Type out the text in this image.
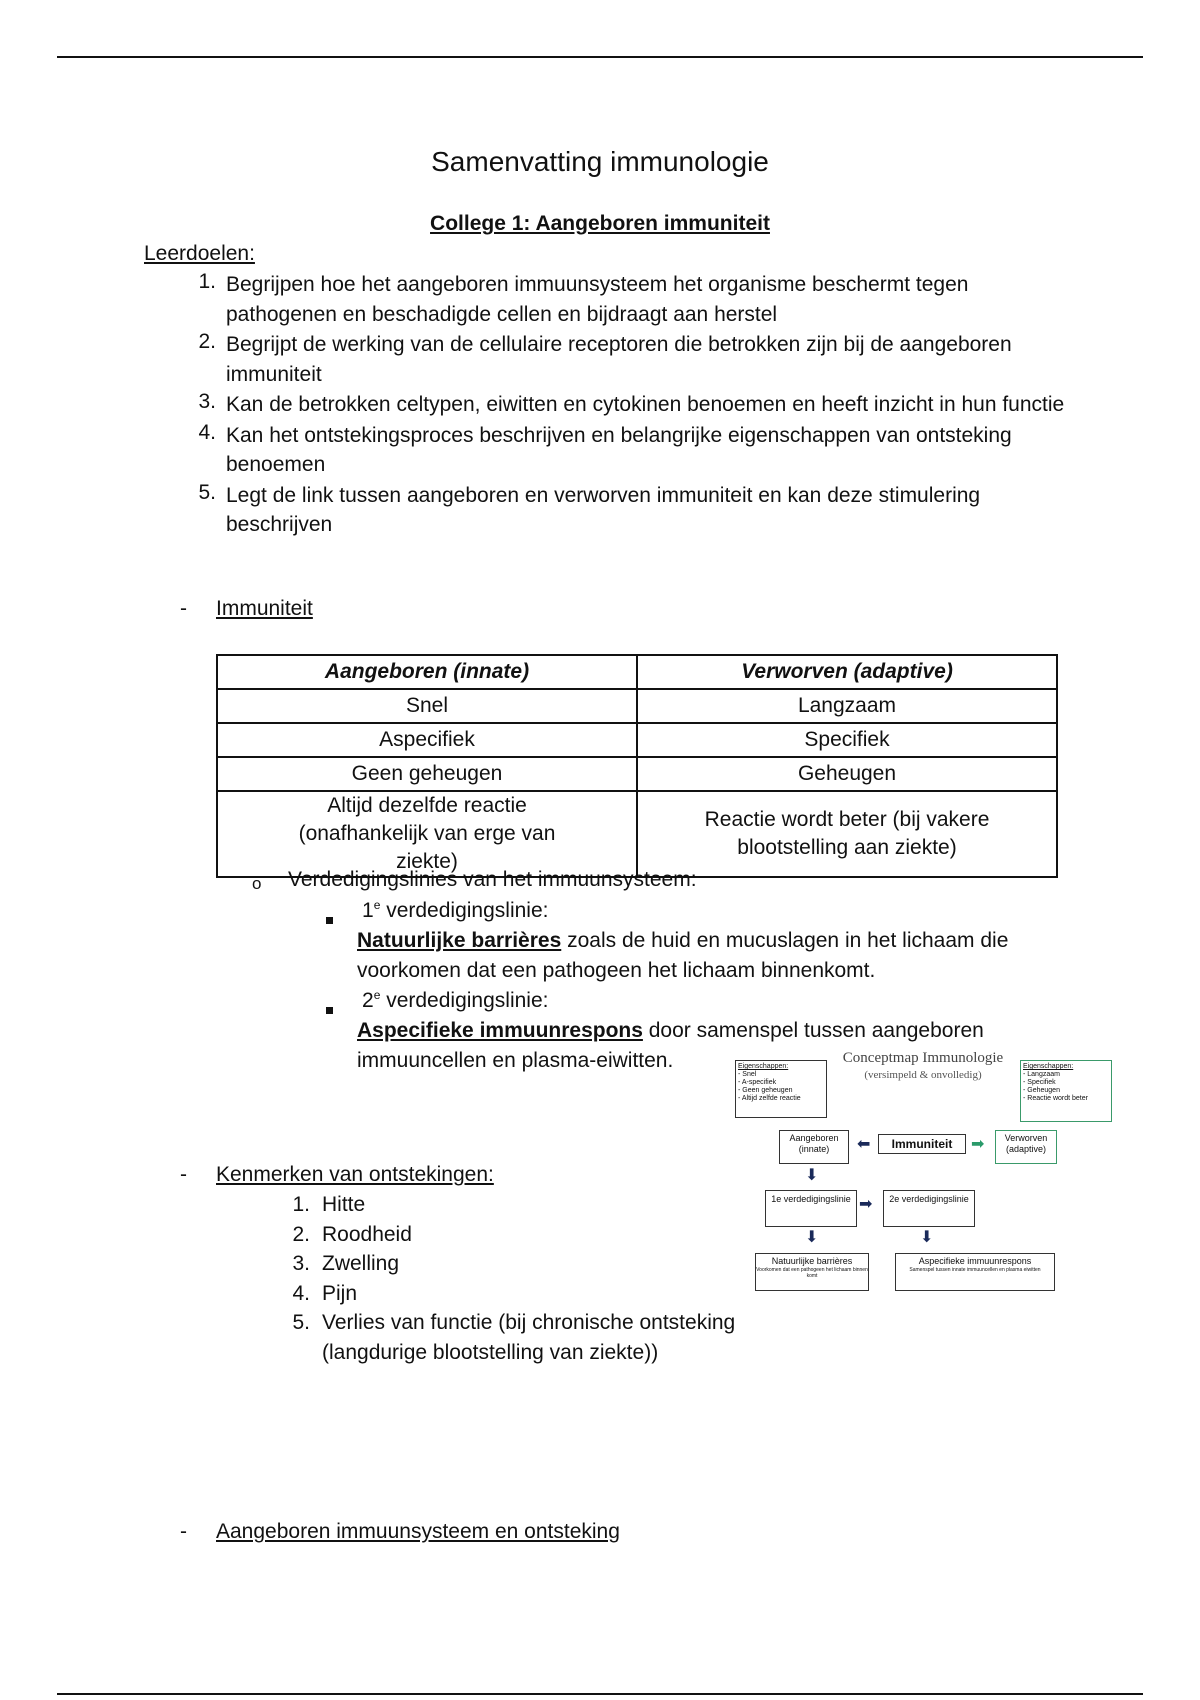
Samenvatting immunologie
College 1: Aangeboren immuniteit
Leerdoelen:
1. Begrijpen hoe het aangeboren immuunsysteem het organisme beschermt tegen pathogenen en beschadigde cellen en bijdraagt aan herstel
2. Begrijpt de werking van de cellulaire receptoren die betrokken zijn bij de aangeboren immuniteit
3. Kan de betrokken celtypen, eiwitten en cytokinen benoemen en heeft inzicht in hun functie
4. Kan het ontstekingsproces beschrijven en belangrijke eigenschappen van ontsteking benoemen
5. Legt de link tussen aangeboren en verworven immuniteit en kan deze stimulering beschrijven
- Immuniteit
Aangeboren (innate)	Verworven (adaptive)
Snel	Langzaam
Aspecifiek	Specifiek
Geen geheugen	Geheugen
Altijd dezelfde reactie (onafhankelijk van erge van ziekte)	Reactie wordt beter (bij vakere blootstelling aan ziekte)
o Verdedigingslinies van het immuunsysteem:
1e verdedigingslinie:
Natuurlijke barrières zoals de huid en mucuslagen in het lichaam die voorkomen dat een pathogeen het lichaam binnenkomt.
2e verdedigingslinie:
Aspecifieke immuunrespons door samenspel tussen aangeboren immuuncellen en plasma-eiwitten.
- Kenmerken van ontstekingen:
1. Hitte
2. Roodheid
3. Zwelling
4. Pijn
5. Verlies van functie (bij chronische ontsteking (langdurige blootstelling van ziekte))
Conceptmap Immunologie
(versimpeld & onvolledig)
Eigenschappen:
- Snel
- A-specifiek
- Geen geheugen
- Altijd zelfde reactie
Eigenschappen:
- Langzaam
- Specifiek
- Geheugen
- Reactie wordt beter
Aangeboren (innate)	⬅	Immuniteit	➡	Verworven (adaptive)
⬇
1e verdedigingslinie ➡	2e verdedigingslinie
⬇	⬇
Natuurlijke barrières
Voorkomen dat een pathogeen het lichaam binnen komt
Aspecifieke immuunrespons
Samenspel tussen innate immuuncellen en plasma eiwitten
- Aangeboren immuunsysteem en ontsteking
